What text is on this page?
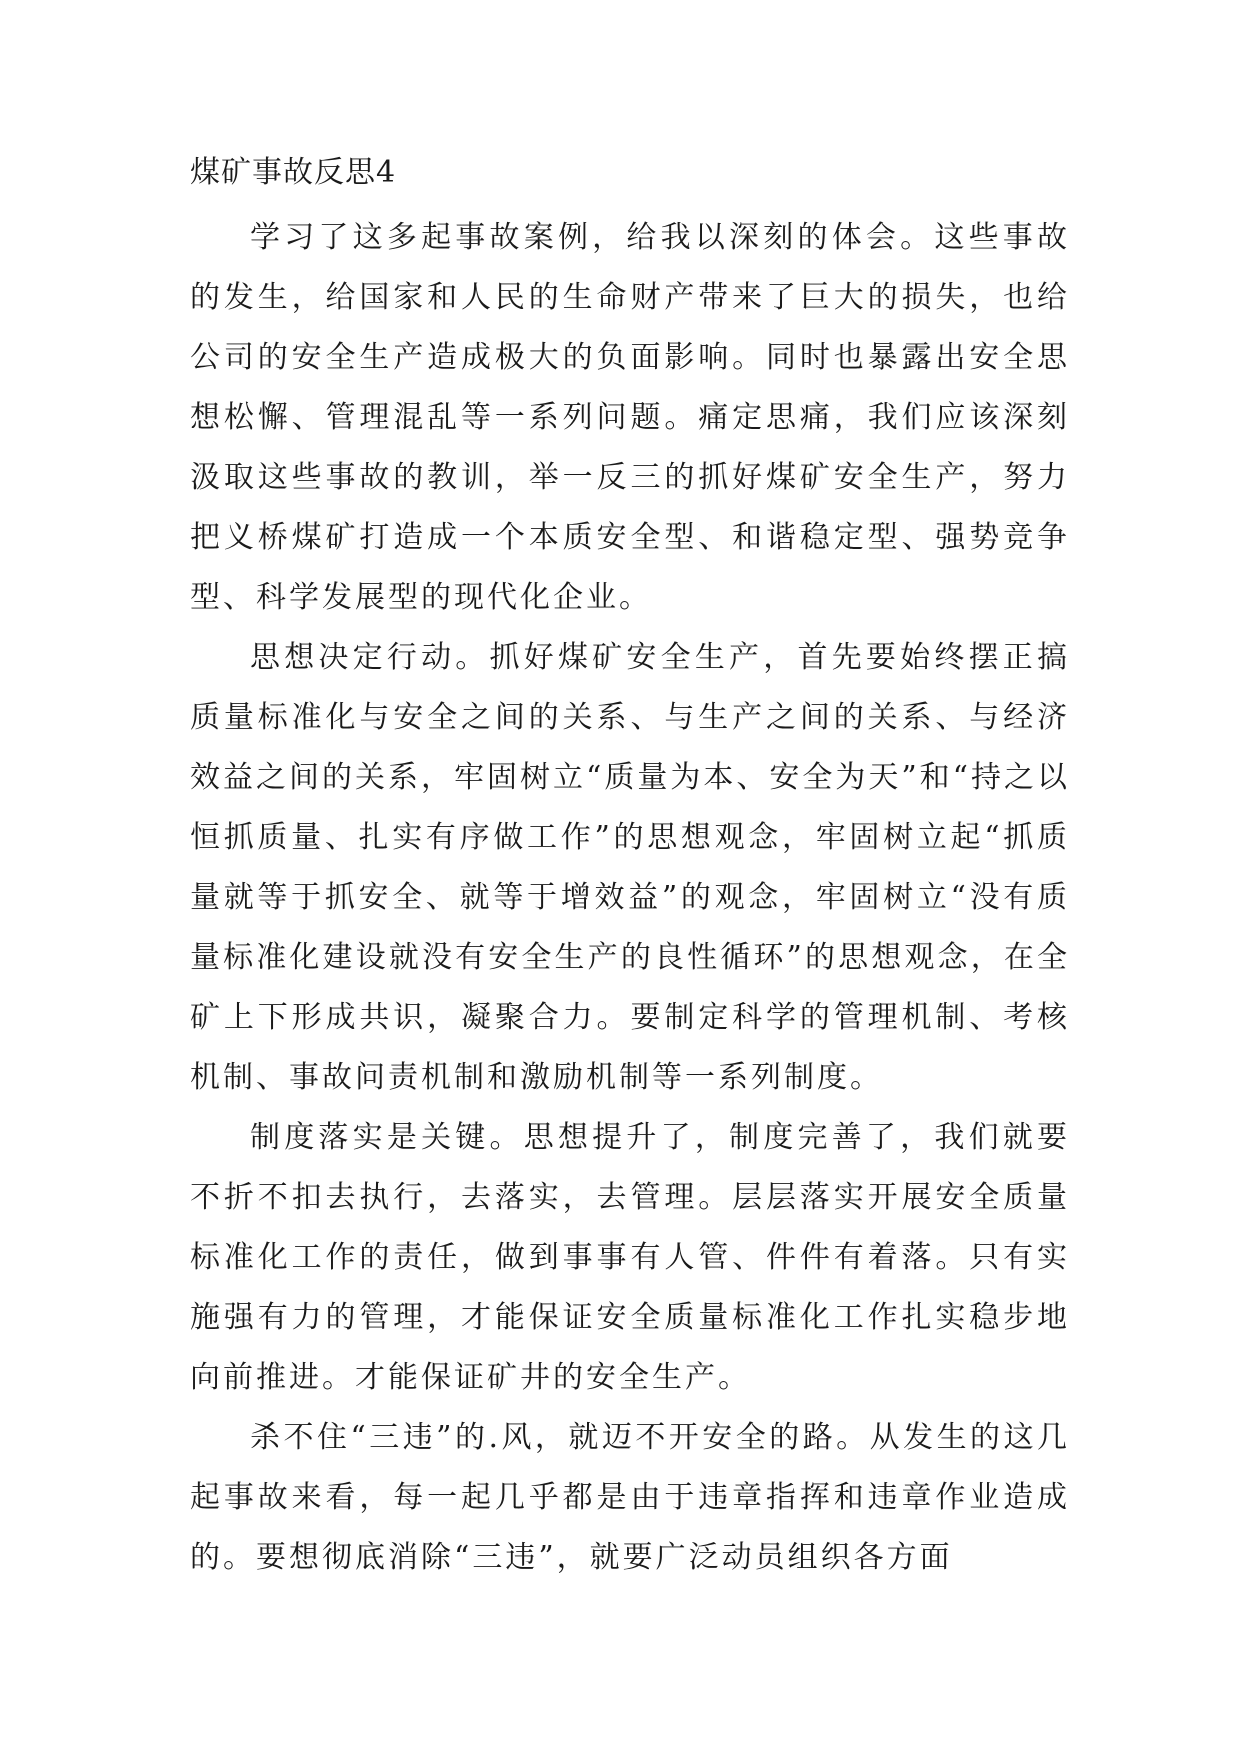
煤矿事故反思4

学习了这多起事故案例，给我以深刻的体会。这些事故的发生，给国家和人民的生命财产带来了巨大的损失，也给公司的安全生产造成极大的负面影响。同时也暴露出安全思想松懈、管理混乱等一系列问题。痛定思痛，我们应该深刻汲取这些事故的教训，举一反三的抓好煤矿安全生产，努力把义桥煤矿打造成一个本质安全型、和谐稳定型、强势竞争型、科学发展型的现代化企业。

思想决定行动。抓好煤矿安全生产，首先要始终摆正搞质量标准化与安全之间的关系、与生产之间的关系、与经济效益之间的关系，牢固树立“质量为本、安全为天”和“持之以恒抓质量、扎实有序做工作”的思想观念，牢固树立起“抓质量就等于抓安全、就等于增效益”的观念，牢固树立“没有质量标准化建设就没有安全生产的良性循环”的思想观念，在全矿上下形成共识，凝聚合力。要制定科学的管理机制、考核机制、事故问责机制和激励机制等一系列制度。

制度落实是关键。思想提升了，制度完善了，我们就要不折不扣去执行，去落实，去管理。层层落实开展安全质量标准化工作的责任，做到事事有人管、件件有着落。只有实施强有力的管理，才能保证安全质量标准化工作扎实稳步地向前推进。才能保证矿井的安全生产。

杀不住“三违”的.风，就迈不开安全的路。从发生的这几起事故来看，每一起几乎都是由于违章指挥和违章作业造成的。要想彻底消除“三违”，就要广泛动员组织各方面
